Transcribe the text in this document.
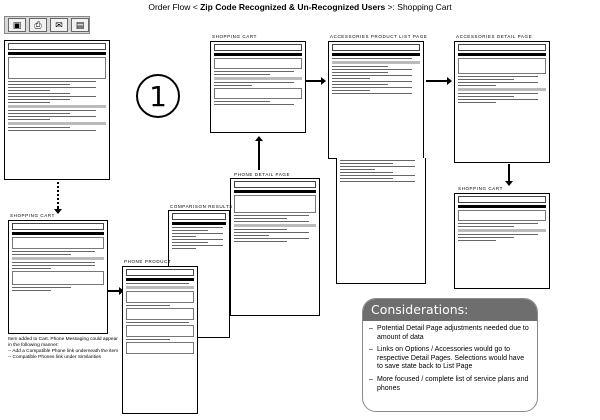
Order Flow < Zip Code Recognized & Un-Recognized Users >: Shopping Cart
▣	⎙	✉	▤
SHOPPING CART
Item added to Cart. Phone Messaging could appear
in the following manner:
-- Add a Compatible Phone link underneath the item
-- Compatible Phones link under Similarities
1
SHOPPING CART	ACCESSORIES PRODUCT LIST PAGE	ACCESSORIES DETAIL PAGE
SHOPPING CART
PHONE DETAIL PAGE
COMPARISON RESULTS
PHONE PRODUCT
Considerations:
– Potential Detail Page adjustments needed due to amount of data
– Links on Options / Accessories would go to respective Detail Pages. Selections would have to save state back to List Page
– More focused / complete list of service plans and phones
